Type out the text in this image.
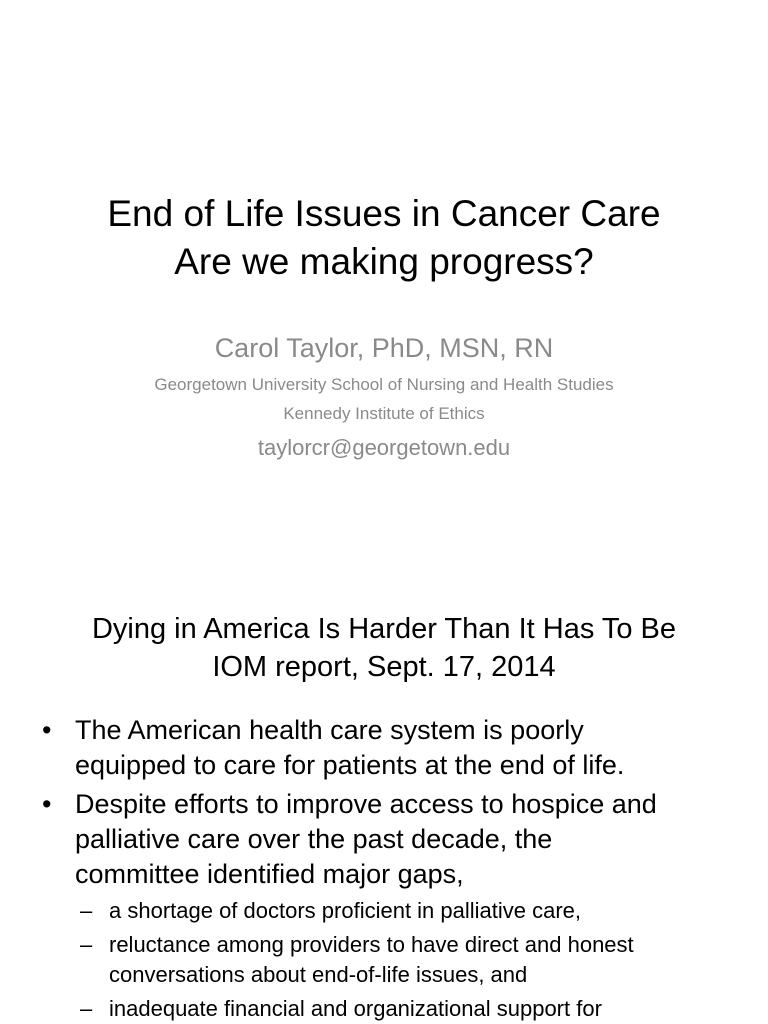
End of Life Issues in Cancer Care
Are we making progress?
Carol Taylor, PhD, MSN, RN
Georgetown University School of Nursing and Health Studies
Kennedy Institute of Ethics
taylorcr@georgetown.edu
Dying in America Is Harder Than It Has To Be
IOM report, Sept. 17, 2014
• The American health care system is poorly
equipped to care for patients at the end of life.
• Despite efforts to improve access to hospice and
palliative care over the past decade, the
committee identified major gaps,
– a shortage of doctors proficient in palliative care,
– reluctance among providers to have direct and honest
conversations about end-of-life issues, and
– inadequate financial and organizational support for
